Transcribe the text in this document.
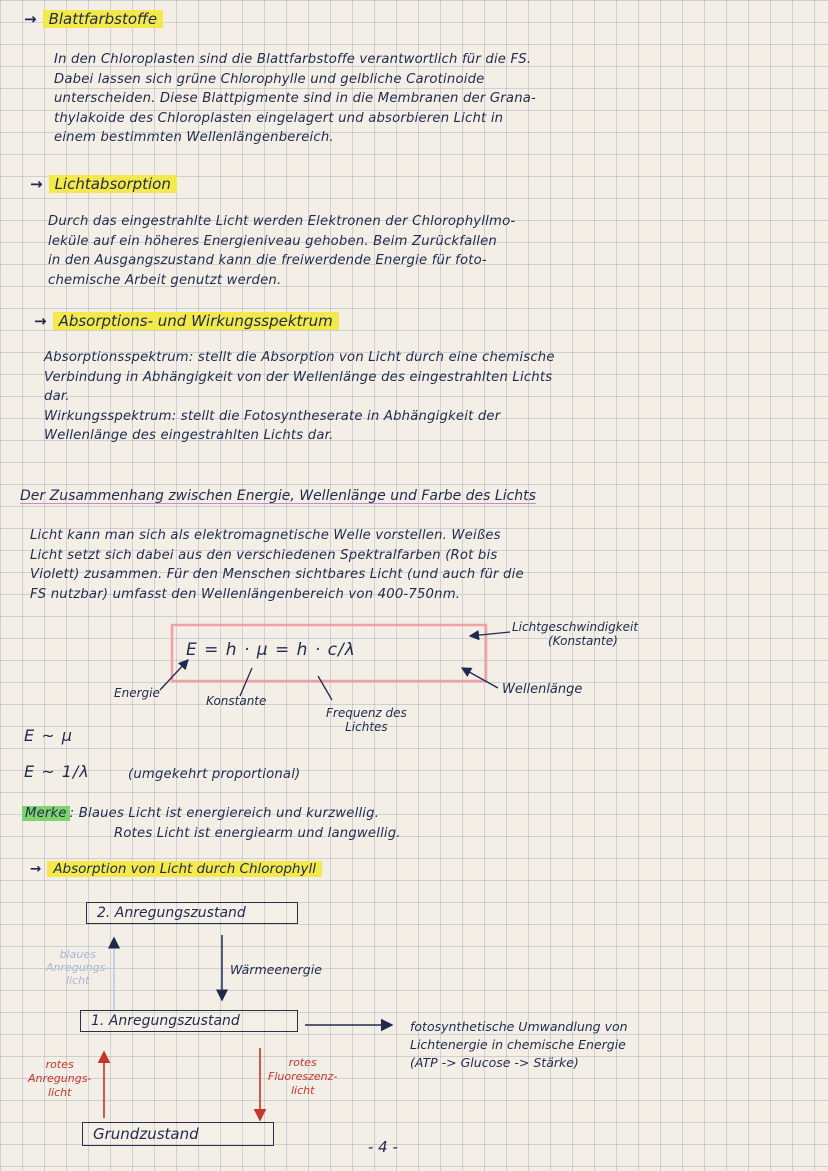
→ Blattfarbstoffe

In den Chloroplasten sind die Blattfarbstoffe verantwortlich für die FS.

Dabei lassen sich grüne Chlorophylle und gelbliche Carotinoide

unterscheiden. Diese Blattpigmente sind in die Membranen der Grana-

thylakoide des Chloroplasten eingelagert und absorbieren Licht in

einem bestimmten Wellenlängenbereich.

→ Lichtabsorption

Durch das eingestrahlte Licht werden Elektronen der Chlorophyllmo-

leküle auf ein höheres Energieniveau gehoben. Beim Zurückfallen

in den Ausgangszustand kann die freiwerdende Energie für foto-

chemische Arbeit genutzt werden.

→ Absorptions- und Wirkungsspektrum

Absorptionsspektrum: stellt die Absorption von Licht durch eine chemische

Verbindung in Abhängigkeit von der Wellenlänge des eingestrahlten Lichts

dar.

Wirkungsspektrum: stellt die Fotosyntheserate in Abhängigkeit der

Wellenlänge des eingestrahlten Lichts dar.

Der Zusammenhang zwischen Energie, Wellenlänge und Farbe des Lichts

Licht kann man sich als elektromagnetische Welle vorstellen. Weißes

Licht setzt sich dabei aus den verschiedenen Spektralfarben (Rot bis

Violett) zusammen. Für den Menschen sichtbares Licht (und auch für die

FS nutzbar) umfasst den Wellenlängenbereich von 400-750nm.

E = h · μ = h · c/λ
Energie
Konstante
Frequenz des
Lichtes
Lichtgeschwindigkeit
(Konstante)
Wellenlänge
E ~ μ
E ~ 1/λ	(umgekehrt proportional)
Merke : Blaues Licht ist energiereich und kurzwellig.
Rotes Licht ist energiearm und langwellig.
→ Absorption von Licht durch Chlorophyll
2. Anregungszustand
Wärmeenergie
blaues
Anregungs-
licht
1. Anregungszustand	fotosynthetische Umwandlung von
Lichtenergie in chemische Energie
(ATP -> Glucose -> Stärke)
rotes
Anregungs-
licht
rotes
Fluoreszenz-
licht
Grundzustand
- 4 -
